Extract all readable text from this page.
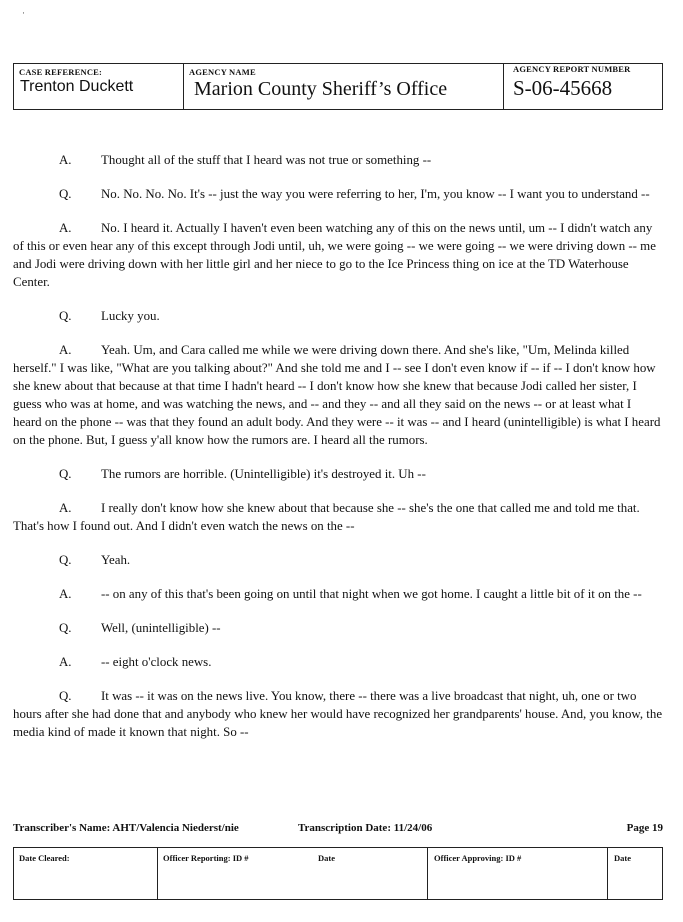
·
CASE REFERENCE:
Trenton Duckett
AGENCY NAME
Marion County Sheriff’s Office
AGENCY REPORT NUMBER
S-06-45668

A. Thought all of the stuff that I heard was not true or something --

Q. No. No. No. No. It's -- just the way you were referring to her, I'm, you know -- I want you to understand --

A. No. I heard it. Actually I haven't even been watching any of this on the news until, um -- I didn't watch any of this or even hear any of this except through Jodi until, uh, we were going -- we were going -- we were driving down -- me and Jodi were driving down with her little girl and her niece to go to the Ice Princess thing on ice at the TD Waterhouse Center.

Q. Lucky you.

A. Yeah. Um, and Cara called me while we were driving down there. And she's like, "Um, Melinda killed herself." I was like, "What are you talking about?" And she told me and I -- see I don't even know if -- if -- I don't know how she knew about that because at that time I hadn't heard -- I don't know how she knew that because Jodi called her sister, I guess who was at home, and was watching the news, and -- and they -- and all they said on the news -- or at least what I heard on the phone -- was that they found an adult body. And they were -- it was -- and I heard (unintelligible) is what I heard on the phone. But, I guess y'all know how the rumors are. I heard all the rumors.

Q. The rumors are horrible. (Unintelligible) it's destroyed it. Uh --

A. I really don't know how she knew about that because she -- she's the one that called me and told me that. That's how I found out. And I didn't even watch the news on the --

Q. Yeah.

A. -- on any of this that's been going on until that night when we got home. I caught a little bit of it on the --

Q. Well, (unintelligible) --

A. -- eight o'clock news.

Q. It was -- it was on the news live. You know, there -- there was a live broadcast that night, uh, one or two hours after she had done that and anybody who knew her would have recognized her grandparents' house. And, you know, the media kind of made it known that night. So --

Transcriber's Name: AHT/Valencia Niederst/nie	Transcription Date: 11/24/06	Page 19
Date Cleared:	Officer Reporting: ID #	Date	Officer Approving: ID #	Date
